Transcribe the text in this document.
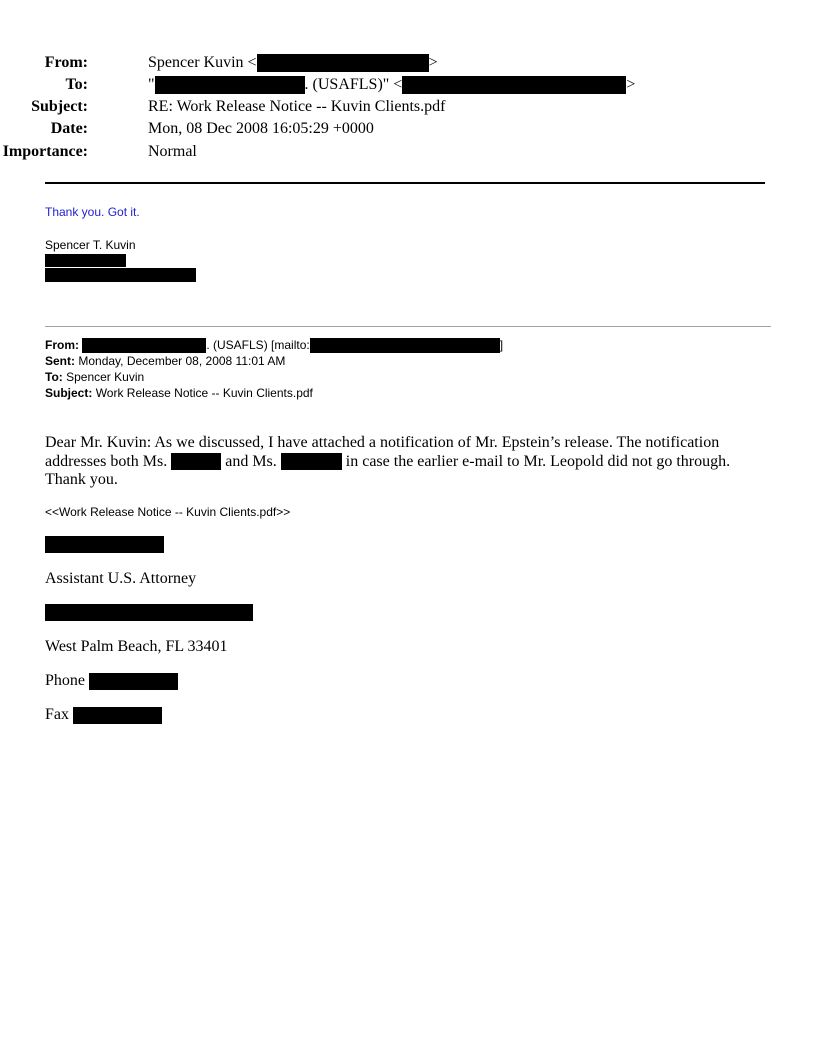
From:	Spencer Kuvin <	>
To:	"	. (USAFLS)" <	>
Subject:	RE: Work Release Notice -- Kuvin Clients.pdf
Date:	Mon, 08 Dec 2008 16:05:29 +0000
Importance:	Normal
Thank you. Got it.
Spencer T. Kuvin
From:	. (USAFLS) [mailto:	]
Sent: Monday, December 08, 2008 11:01 AM
To: Spencer Kuvin
Subject: Work Release Notice -- Kuvin Clients.pdf
Dear Mr. Kuvin: As we discussed, I have attached a notification of Mr. Epstein’s release. The notification
addresses both Ms.	and Ms.	in case the earlier e-mail to Mr. Leopold did not go through.
Thank you.
<<Work Release Notice -- Kuvin Clients.pdf>>
Assistant U.S. Attorney
West Palm Beach, FL 33401
Phone
Fax
